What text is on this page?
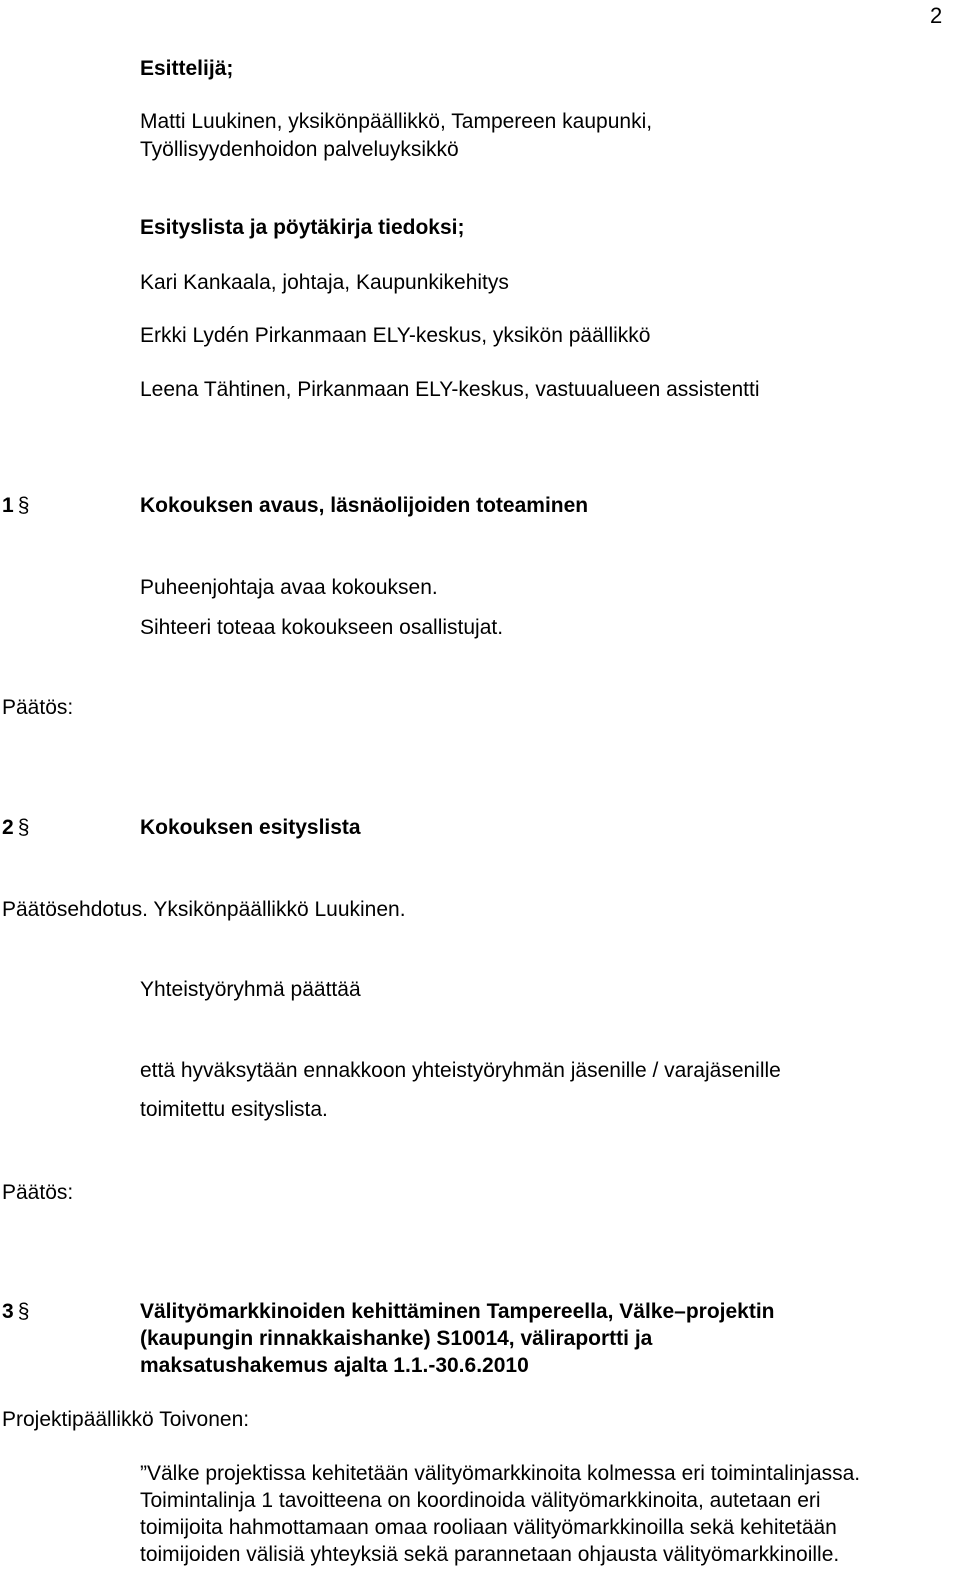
2
Esittelijä;
Matti Luukinen, yksikönpäällikkö, Tampereen kaupunki,
Työllisyydenhoidon palveluyksikkö
Esityslista ja pöytäkirja tiedoksi;
Kari Kankaala, johtaja, Kaupunkikehitys
Erkki Lydén Pirkanmaan ELY-keskus, yksikön päällikkö
Leena Tähtinen, Pirkanmaan ELY-keskus, vastuualueen assistentti
1 §	Kokouksen avaus, läsnäolijoiden toteaminen
Puheenjohtaja avaa kokouksen.
Sihteeri toteaa kokoukseen osallistujat.
Päätös:
2 §	Kokouksen esityslista
Päätösehdotus. Yksikönpäällikkö Luukinen.
Yhteistyöryhmä päättää
että hyväksytään ennakkoon yhteistyöryhmän jäsenille / varajäsenille
toimitettu esityslista.
Päätös:
3 §	Välityömarkkinoiden kehittäminen Tampereella, Välke–projektin
(kaupungin rinnakkaishanke) S10014, väliraportti ja
maksatushakemus ajalta 1.1.-30.6.2010
Projektipäällikkö Toivonen:
”Välke projektissa kehitetään välityömarkkinoita kolmessa eri toimintalinjassa.
Toimintalinja 1 tavoitteena on koordinoida välityömarkkinoita, autetaan eri
toimijoita hahmottamaan omaa rooliaan välityömarkkinoilla sekä kehitetään
toimijoiden välisiä yhteyksiä sekä parannetaan ohjausta välityömarkkinoille.
